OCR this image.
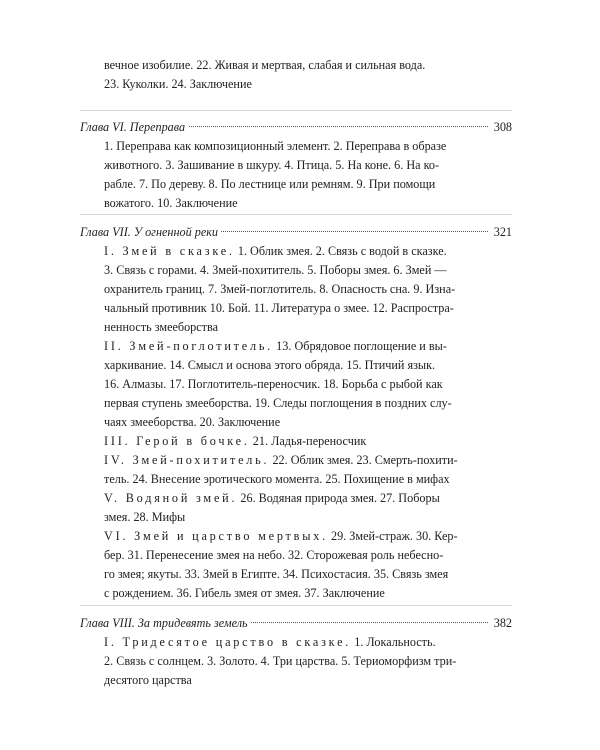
вечное изобилие. 22. Живая и мертвая, слабая и сильная вода.
23. Куколки. 24. Заключение
Глава VI. Переправа	308
1. Переправа как композиционный элемент. 2. Переправа в образе
животного. 3. Зашивание в шкуру. 4. Птица. 5. На коне. 6. На ко-
рабле. 7. По дереву. 8. По лестнице или ремням. 9. При помощи
вожатого. 10. Заключение
Глава VII. У огненной реки	321
I. Змей в сказке. 1. Облик змея. 2. Связь с водой в сказке.
3. Связь с горами. 4. Змей-похититель. 5. Поборы змея. 6. Змей —
охранитель границ. 7. Змей-поглотитель. 8. Опасность сна. 9. Изна-
чальный противник 10. Бой. 11. Литература о змее. 12. Распростра-
ненность змееборства
II. Змей-поглотитель. 13. Обрядовое поглощение и вы-
харкивание. 14. Смысл и основа этого обряда. 15. Птичий язык.
16. Алмазы. 17. Поглотитель-переносчик. 18. Борьба с рыбой как
первая ступень змееборства. 19. Следы поглощения в поздних слу-
чаях змееборства. 20. Заключение
III. Герой в бочке. 21. Ладья-переносчик
IV. Змей-похититель. 22. Облик змея. 23. Смерть-похити-
тель. 24. Внесение эротического момента. 25. Похищение в мифах
V. Водяной змей. 26. Водяная природа змея. 27. Поборы
змея. 28. Мифы
VI. Змей и царство мертвых. 29. Змей-страж. 30. Кер-
бер. 31. Перенесение змея на небо. 32. Сторожевая роль небесно-
го змея; якуты. 33. Змей в Египте. 34. Психостасия. 35. Связь змея
с рождением. 36. Гибель змея от змея. 37. Заключение
Глава VIII. За тридевять земель	382
I. Тридесятое царство в сказке. 1. Локальность.
2. Связь с солнцем. 3. Золото. 4. Три царства. 5. Териоморфизм три-
десятого царства
